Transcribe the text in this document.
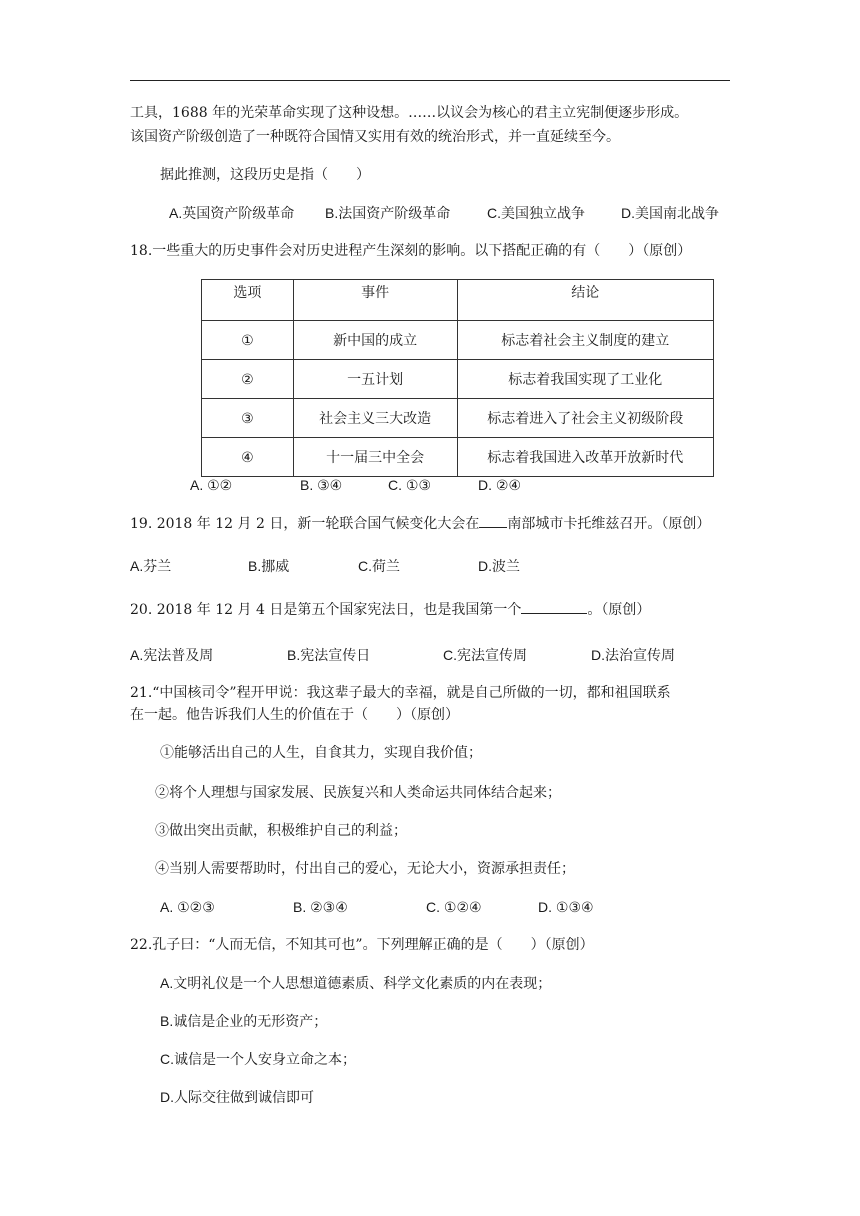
工具，1688 年的光荣革命实现了这种设想。……以议会为核心的君主立宪制便逐步形成。
该国资产阶级创造了一种既符合国情又实用有效的统治形式，并一直延续至今。
据此推测，这段历史是指（　　）
A.英国资产阶级革命 B.法国资产阶级革命	C.美国独立战争	D.美国南北战争
18.一些重大的历史事件会对历史进程产生深刻的影响。以下搭配正确的有（　　）（原创）
选项	事件	结论
①	新中国的成立	标志着社会主义制度的建立
②	一五计划	标志着我国实现了工业化
③	社会主义三大改造	标志着进入了社会主义初级阶段
④	十一届三中全会	标志着我国进入改革开放新时代
A. ①②	B. ③④	C. ①③	D. ②④
19. 2018 年 12 月 2 日，新一轮联合国气候变化大会在 南部城市卡托维兹召开。（原创）
A.芬兰	B.挪威	C.荷兰	D.波兰
20. 2018 年 12 月 4 日是第五个国家宪法日，也是我国第一个	。（原创）
A.宪法普及周	B.宪法宣传日	C.宪法宣传周	D.法治宣传周
21.“中国核司令”程开甲说：我这辈子最大的幸福，就是自己所做的一切，都和祖国联系
在一起。他告诉我们人生的价值在于（　　）（原创）
①能够活出自己的人生，自食其力，实现自我价值；
②将个人理想与国家发展、民族复兴和人类命运共同体结合起来；
③做出突出贡献，积极维护自己的利益；
④当别人需要帮助时，付出自己的爱心，无论大小，资源承担责任；
A. ①②③	B. ②③④	C. ①②④	D. ①③④
22.孔子曰：“人而无信，不知其可也”。下列理解正确的是（　　）（原创）
A.文明礼仪是一个人思想道德素质、科学文化素质的内在表现；
B.诚信是企业的无形资产；
C.诚信是一个人安身立命之本；
D.人际交往做到诚信即可
